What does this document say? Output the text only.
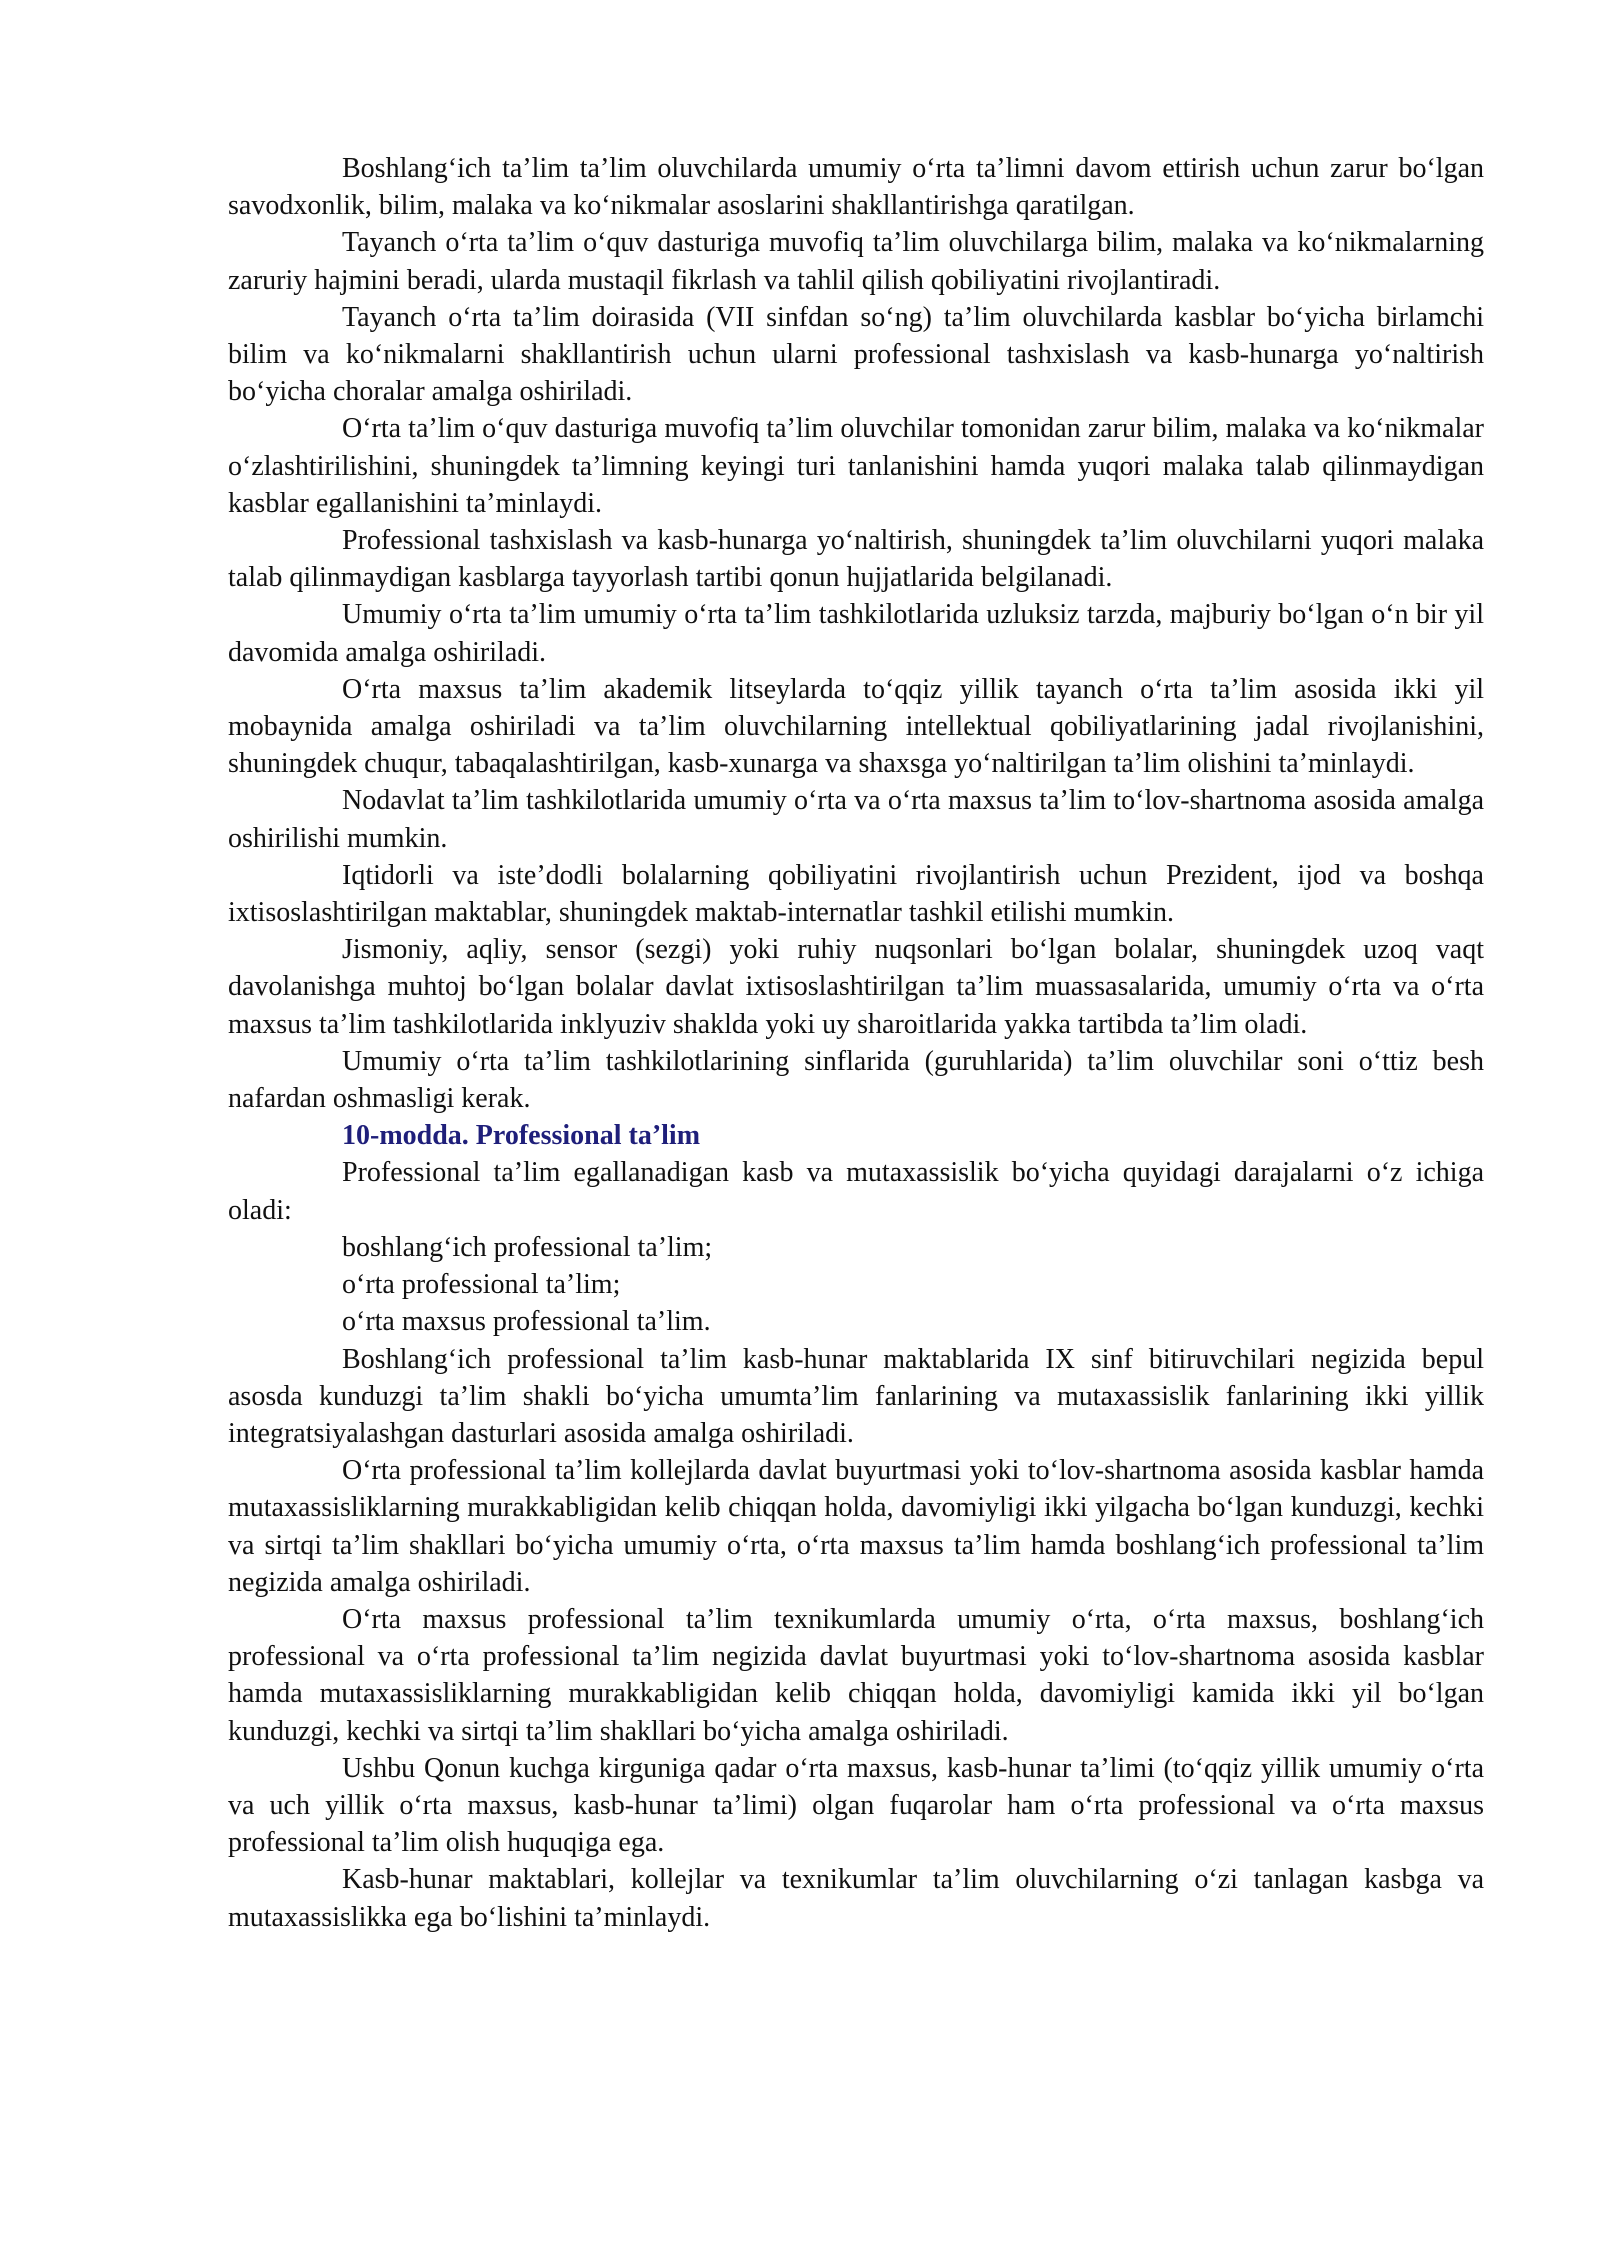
Boshlang‘ich ta’lim ta’lim oluvchilarda umumiy o‘rta ta’limni davom ettirish uchun zarur bo‘lgan savodxonlik, bilim, malaka va ko‘nikmalar asoslarini shakllantirishga qaratilgan.

Tayanch o‘rta ta’lim o‘quv dasturiga muvofiq ta’lim oluvchilarga bilim, malaka va ko‘nikmalarning zaruriy hajmini beradi, ularda mustaqil fikrlash va tahlil qilish qobiliyatini rivojlantiradi.

Tayanch o‘rta ta’lim doirasida (VII sinfdan so‘ng) ta’lim oluvchilarda kasblar bo‘yicha birlamchi bilim va ko‘nikmalarni shakllantirish uchun ularni professional tashxislash va kasb-hunarga yo‘naltirish bo‘yicha choralar amalga oshiriladi.

O‘rta ta’lim o‘quv dasturiga muvofiq ta’lim oluvchilar tomonidan zarur bilim, malaka va ko‘nikmalar o‘zlashtirilishini, shuningdek ta’limning keyingi turi tanlanishini hamda yuqori malaka talab qilinmaydigan kasblar egallanishini ta’minlaydi.

Professional tashxislash va kasb-hunarga yo‘naltirish, shuningdek ta’lim oluvchilarni yuqori malaka talab qilinmaydigan kasblarga tayyorlash tartibi qonun hujjatlarida belgilanadi.

Umumiy o‘rta ta’lim umumiy o‘rta ta’lim tashkilotlarida uzluksiz tarzda, majburiy bo‘lgan o‘n bir yil davomida amalga oshiriladi.

O‘rta maxsus ta’lim akademik litseylarda to‘qqiz yillik tayanch o‘rta ta’lim asosida ikki yil mobaynida amalga oshiriladi va ta’lim oluvchilarning intellektual qobiliyatlarining jadal rivojlanishini, shuningdek chuqur, tabaqalashtirilgan, kasb-xunarga va shaxsga yo‘naltirilgan ta’lim olishini ta’minlaydi.

Nodavlat ta’lim tashkilotlarida umumiy o‘rta va o‘rta maxsus ta’lim to‘lov-shartnoma asosida amalga oshirilishi mumkin.

Iqtidorli va iste’dodli bolalarning qobiliyatini rivojlantirish uchun Prezident, ijod va boshqa ixtisoslashtirilgan maktablar, shuningdek maktab-internatlar tashkil etilishi mumkin.

Jismoniy, aqliy, sensor (sezgi) yoki ruhiy nuqsonlari bo‘lgan bolalar, shuningdek uzoq vaqt davolanishga muhtoj bo‘lgan bolalar davlat ixtisoslashtirilgan ta’lim muassasalarida, umumiy o‘rta va o‘rta maxsus ta’lim tashkilotlarida inklyuziv shaklda yoki uy sharoitlarida yakka tartibda ta’lim oladi.

Umumiy o‘rta ta’lim tashkilotlarining sinflarida (guruhlarida) ta’lim oluvchilar soni o‘ttiz besh nafardan oshmasligi kerak.

10-modda. Professional ta’lim

Professional ta’lim egallanadigan kasb va mutaxassislik bo‘yicha quyidagi darajalarni o‘z ichiga oladi:

boshlang‘ich professional ta’lim;

o‘rta professional ta’lim;

o‘rta maxsus professional ta’lim.

Boshlang‘ich professional ta’lim kasb-hunar maktablarida IX sinf bitiruvchilari negizida bepul asosda kunduzgi ta’lim shakli bo‘yicha umumta’lim fanlarining va mutaxassislik fanlarining ikki yillik integratsiyalashgan dasturlari asosida amalga oshiriladi.

O‘rta professional ta’lim kollejlarda davlat buyurtmasi yoki to‘lov-shartnoma asosida kasblar hamda mutaxassisliklarning murakkabligidan kelib chiqqan holda, davomiyligi ikki yilgacha bo‘lgan kunduzgi, kechki va sirtqi ta’lim shakllari bo‘yicha umumiy o‘rta, o‘rta maxsus ta’lim hamda boshlang‘ich professional ta’lim negizida amalga oshiriladi.

O‘rta maxsus professional ta’lim texnikumlarda umumiy o‘rta, o‘rta maxsus, boshlang‘ich professional va o‘rta professional ta’lim negizida davlat buyurtmasi yoki to‘lov-shartnoma asosida kasblar hamda mutaxassisliklarning murakkabligidan kelib chiqqan holda, davomiyligi kamida ikki yil bo‘lgan kunduzgi, kechki va sirtqi ta’lim shakllari bo‘yicha amalga oshiriladi.

Ushbu Qonun kuchga kirguniga qadar o‘rta maxsus, kasb-hunar ta’limi (to‘qqiz yillik umumiy o‘rta va uch yillik o‘rta maxsus, kasb-hunar ta’limi) olgan fuqarolar ham o‘rta professional va o‘rta maxsus professional ta’lim olish huquqiga ega.

Kasb-hunar maktablari, kollejlar va texnikumlar ta’lim oluvchilarning o‘zi tanlagan kasbga va mutaxassislikka ega bo‘lishini ta’minlaydi.
